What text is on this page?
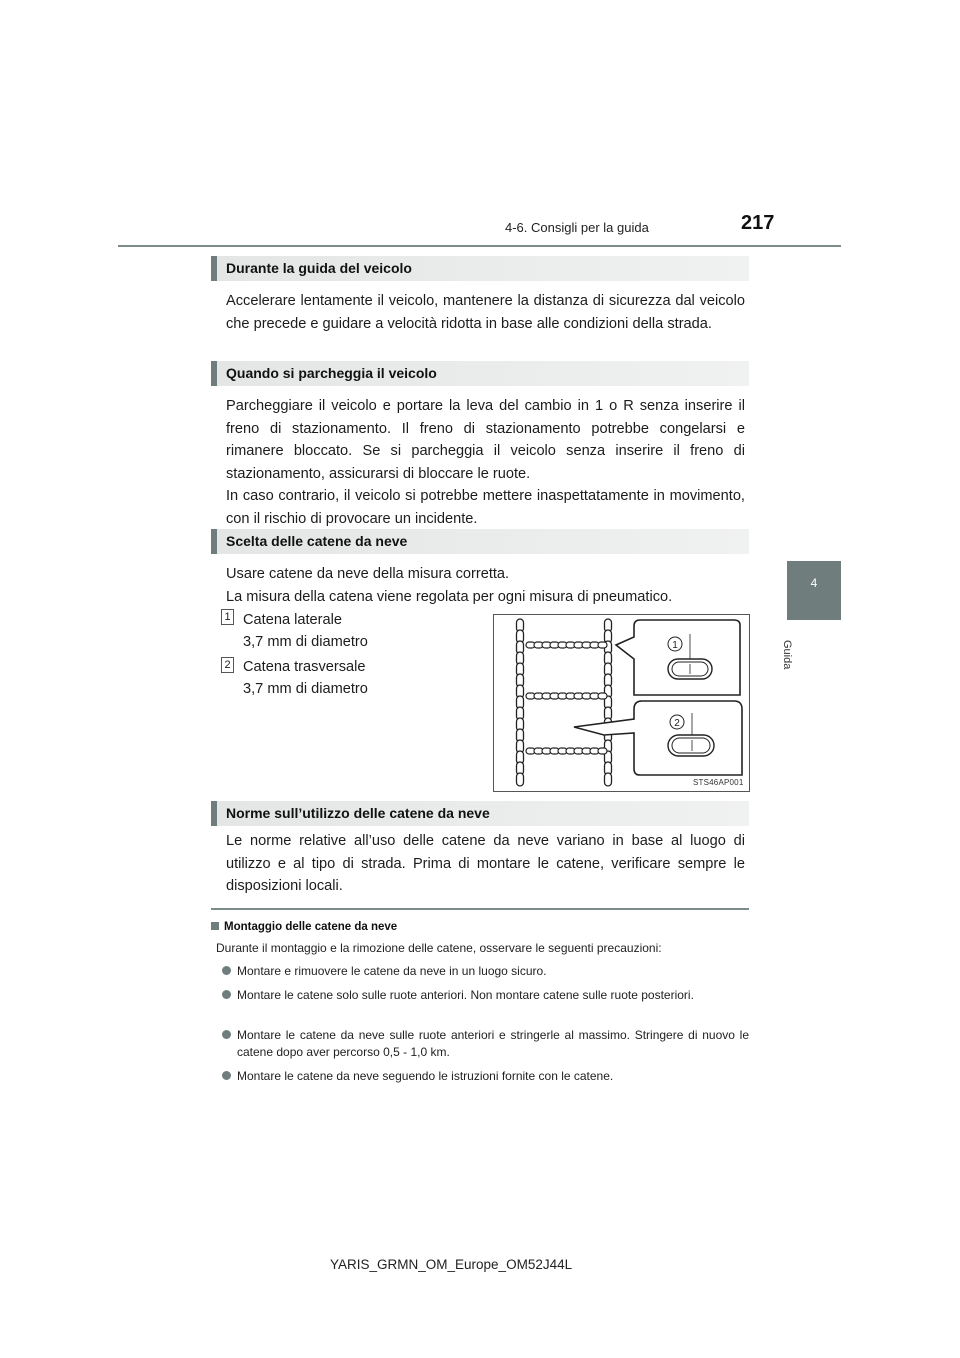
4-6. Consigli per la guida	217
4
Guida
Durante la guida del veicolo

Accelerare lentamente il veicolo, mantenere la distanza di sicurezza dal veicolo che precede e guidare a velocità ridotta in base alle condizioni della strada.

Quando si parcheggia il veicolo

Parcheggiare il veicolo e portare la leva del cambio in 1 o R senza inserire il freno di stazionamento. Il freno di stazionamento potrebbe congelarsi e rimanere bloccato. Se si parcheggia il veicolo senza inserire il freno di stazionamento, assicurarsi di bloccare le ruote.

In caso contrario, il veicolo si potrebbe mettere inaspettatamente in movimento, con il rischio di provocare un incidente.

Scelta delle catene da neve

Usare catene da neve della misura corretta.

La misura della catena viene regolata per ogni misura di pneumatico.

1 Catena laterale
3,7 mm di diametro
2 Catena trasversale
3,7 mm di diametro
1
2
STS46AP001
Norme sull’utilizzo delle catene da neve

Le norme relative all’uso delle catene da neve variano in base al luogo di utilizzo e al tipo di strada. Prima di montare le catene, verificare sempre le disposizioni locali.

Montaggio delle catene da neve
Durante il montaggio e la rimozione delle catene, osservare le seguenti precauzioni:
Montare e rimuovere le catene da neve in un luogo sicuro.
Montare le catene solo sulle ruote anteriori. Non montare catene sulle ruote posteriori.
Montare le catene da neve sulle ruote anteriori e stringerle al massimo. Stringere di nuovo le catene dopo aver percorso 0,5 - 1,0 km.
Montare le catene da neve seguendo le istruzioni fornite con le catene.
YARIS_GRMN_OM_Europe_OM52J44L
